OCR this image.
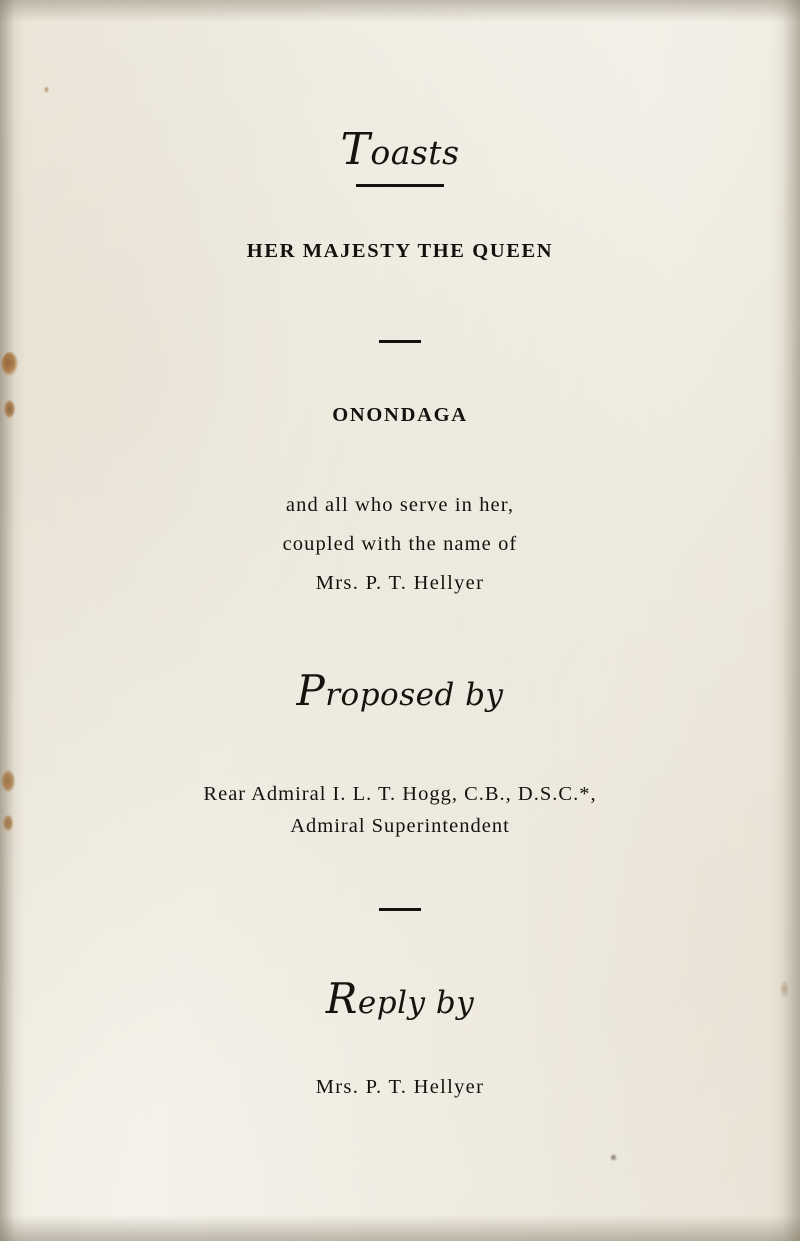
Toasts
HER MAJESTY THE QUEEN
ONONDAGA
and all who serve in her,
coupled with the name of
Mrs. P. T. Hellyer
Proposed by
Rear Admiral I. L. T. Hogg, C.B., D.S.C.*,
Admiral Superintendent
Reply by
Mrs. P. T. Hellyer
